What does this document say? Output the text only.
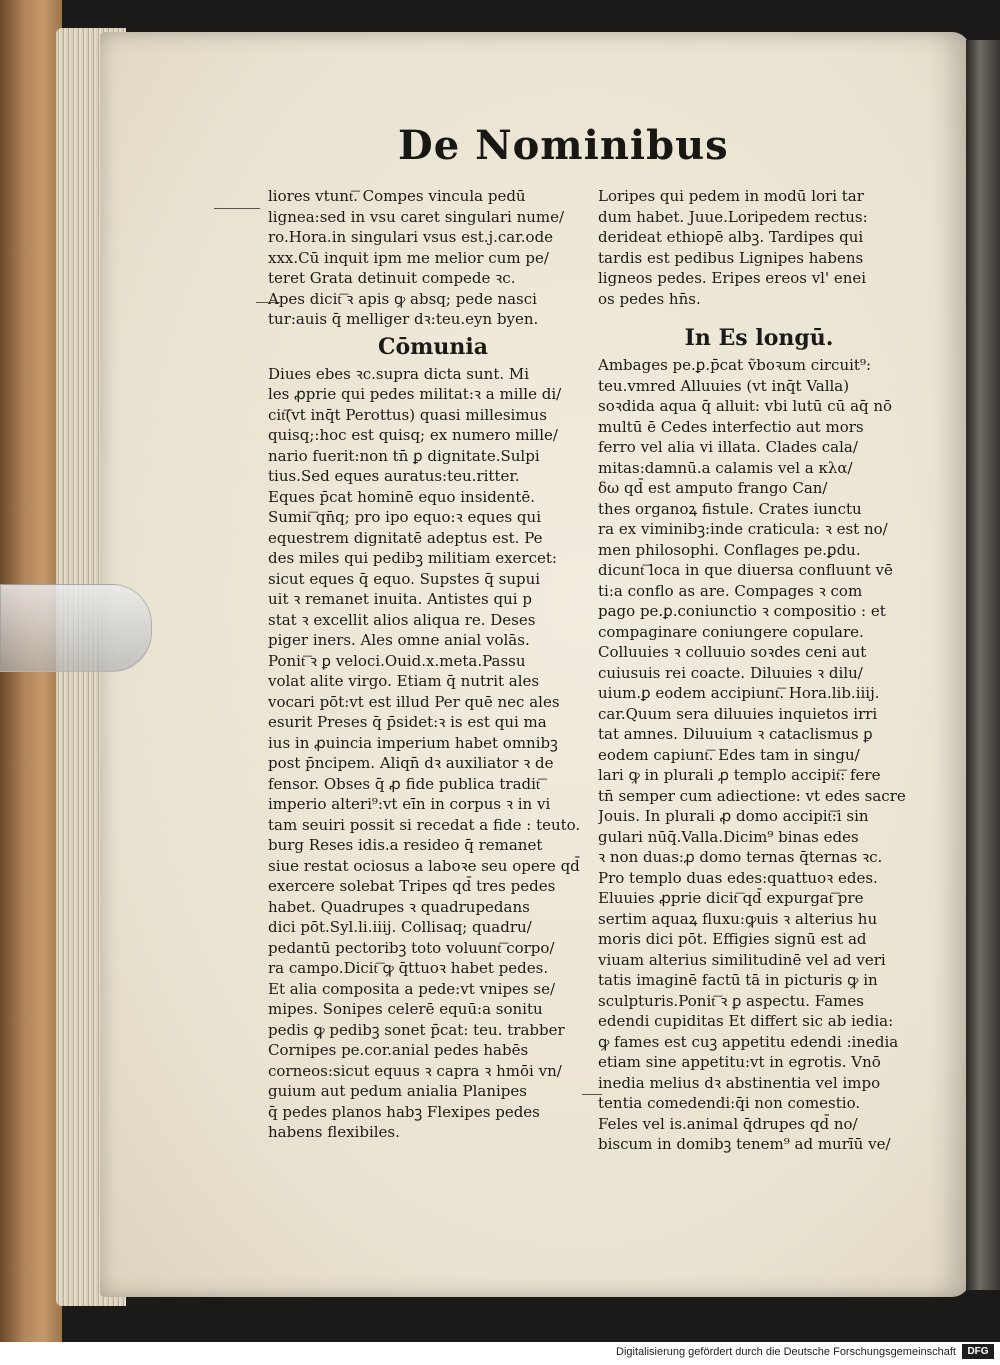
De Nominibus
liores vtunt͞. Compes vincula pedū
lignea:sed in vsu caret singulari nume/
ro.Hora.in singulari vsus est.j.car.ode
xxx.Cū inquit ipm me melior cum pe/
teret Grata detinuit compede ꝛc.
Apes dicit͞ ꝛ apis ꝙ absq; pede nasci
tur:auis q̄ melliger dꝛ:teu.eyn byen.
Cōmunia
Diues ebes ꝛc.supra dicta sunt. Mi
les ꝓprie qui pedes militat:ꝛ a mille di/
cit͞(vt inq̄t Perottus) quasi millesimus
quisq;:hoc est quisq; ex numero mille/
nario fuerit:non tn̄ ꝑ dignitate.Sulpi
tius.Sed eques auratus:teu.ritter.
Eques p̄cat hominē equo insidentē.
Sumit͞ qn̄q; pro ipo equo:ꝛ eques qui
equestrem dignitatē adeptus est. Pe
des miles qui pedibꝫ militiam exercet:
sicut eques q̄ equo. Supstes q̄ supui
uit ꝛ remanet inuita. Antistes qui p
stat ꝛ excellit alios aliqua re. Deses
piger iners. Ales omne anial volās.
Ponit͞ ꝛ ꝑ veloci.Ouid.x.meta.Passu
volat alite virgo. Etiam q̄ nutrit ales
vocari pōt:vt est illud Per quē nec ales
esurit Preses q̄ p̄sidet:ꝛ is est qui ma
ius in ꝓuincia imperium habet omnibꝫ
post p̄ncipem. Aliqn̄ dꝛ auxiliator ꝛ de
fensor. Obses q̄ ꝓ fide publica tradit͞
imperio alteri⁹:vt eīn in corpus ꝛ in vi
tam seuiri possit si recedat a fide : teuto.
burg Reses idis.a resideo q̄ remanet
siue restat ociosus a laboꝛe seu opere qd̄
exercere solebat Tripes qd̄ tres pedes
habet. Quadrupes ꝛ quadrupedans
dici pōt.Syl.li.iiij. Collisaq; quadru/
pedantū pectoribꝫ toto voluunt͞ corpo/
ra campo.Dicit͞ ꝙ q̄ttuoꝛ habet pedes.
Et alia composita a pede:vt vnipes se/
mipes. Sonipes celerē equū:a sonitu
pedis ꝙ pedibꝫ sonet p̄cat: teu. trabber
Cornipes pe.cor.anial pedes habēs
corneos:sicut equus ꝛ capra ꝛ hmōi vn/
guium aut pedum anialia Planipes
q̄ pedes planos habꝫ Flexipes pedes
habens flexibiles.
Loripes qui pedem in modū lori tar
dum habet. Juue.Loripedem rectus:
derideat ethiopē albꝫ. Tardipes qui
tardis est pedibus Lignipes habens
ligneos pedes. Eripes ereos vl' enei
os pedes hn̄s.
In Es longū.
Ambages pe.ꝑ.p̄cat ṽboꝛum circuit⁹:
teu.vmred Alluuies (vt inq̄t Valla)
soꝛdida aqua q̄ alluit: vbi lutū cū aq̄ nō
multū ē Cedes interfectio aut mors
ferro vel alia vi illata. Clades cala/
mitas:damnū.a calamis vel a κλα/
δω qd̄ est amputo frango Can/
thes organoꝝ fistule. Crates iunctu
ra ex viminibꝫ:inde craticula: ꝛ est no/
men philosophi. Conflages pe.ꝑdu.
dicunt͞ loca in que diuersa confluunt vē
ti:a conflo as are. Compages ꝛ com
pago pe.ꝑ.coniunctio ꝛ compositio : et
compaginare coniungere copulare.
Colluuies ꝛ colluuio soꝛdes ceni aut
cuiusuis rei coacte. Diluuies ꝛ dilu/
uium.ꝑ eodem accipiunt͞. Hora.lib.iiij.
car.Quum sera diluuies inquietos irri
tat amnes. Diluuium ꝛ cataclismus ꝑ
eodem capiunt͞. Edes tam in singu/
lari ꝙ in plurali ꝓ templo accipit͞: fere
tn̄ semper cum adiectione: vt edes sacre
Jouis. In plurali ꝓ domo accipit͞:i sin
gulari nūq̄.Valla.Dicim⁹ binas edes
ꝛ non duas:ꝓ domo ternas q̄ternas ꝛc.
Pro templo duas edes:quattuoꝛ edes.
Eluuies ꝓprie dicit͞ qd̄ expurgat͞ pre
sertim aquaꝝ fluxu:ꝙuis ꝛ alterius hu
moris dici pōt. Effigies signū est ad
viuam alterius similitudinē vel ad veri
tatis imaginē factū tā in picturis ꝙ in
sculpturis.Ponit͞ ꝛ ꝑ aspectu. Fames
edendi cupiditas Et differt sic ab iedia:
ꝙ fames est cuꝫ appetitu edendi :inedia
etiam sine appetitu:vt in egrotis. Vnō
inedia melius dꝛ abstinentia vel impo
tentia comedendi:q̄i non comestio.
Feles vel is.animal q̄drupes qd̄ no/
biscum in domibꝫ tenem⁹ ad murīū ve/
Digitalisierung gefördert durch die Deutsche Forschungsgemeinschaft	DFG
